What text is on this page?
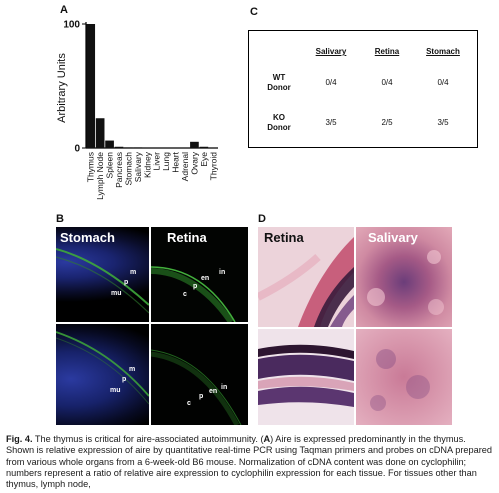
A	C
B	D
Arbitrary Units
Thymus Lymph Node Spleen Pancreas Stomach Salivary Kidney Liver Lung Heart Adrenal Ovary Eye Thyroid
0
100
Salivary	Retina	Stomach
WT
Donor
0/4	0/4	0/4
KO
Donor
3/5	2/5	3/5
Stomach
m
p
mu
Retina
in
en
p
c
m
p
mu	in
en
p
c
Retina	Salivary
Fig. 4. The thymus is critical for aire-associated autoimmunity. (A) Aire is expressed predominantly in the thymus. Shown is relative expression of aire by quantitative real-time PCR using Taqman primers and probes on cDNA prepared from various whole organs from a 6-week-old B6 mouse. Normalization of cDNA content was done on cyclophilin; numbers represent a ratio of relative aire expression to cyclophilin expression for each tissue. For tissues other than thymus, lymph node,
